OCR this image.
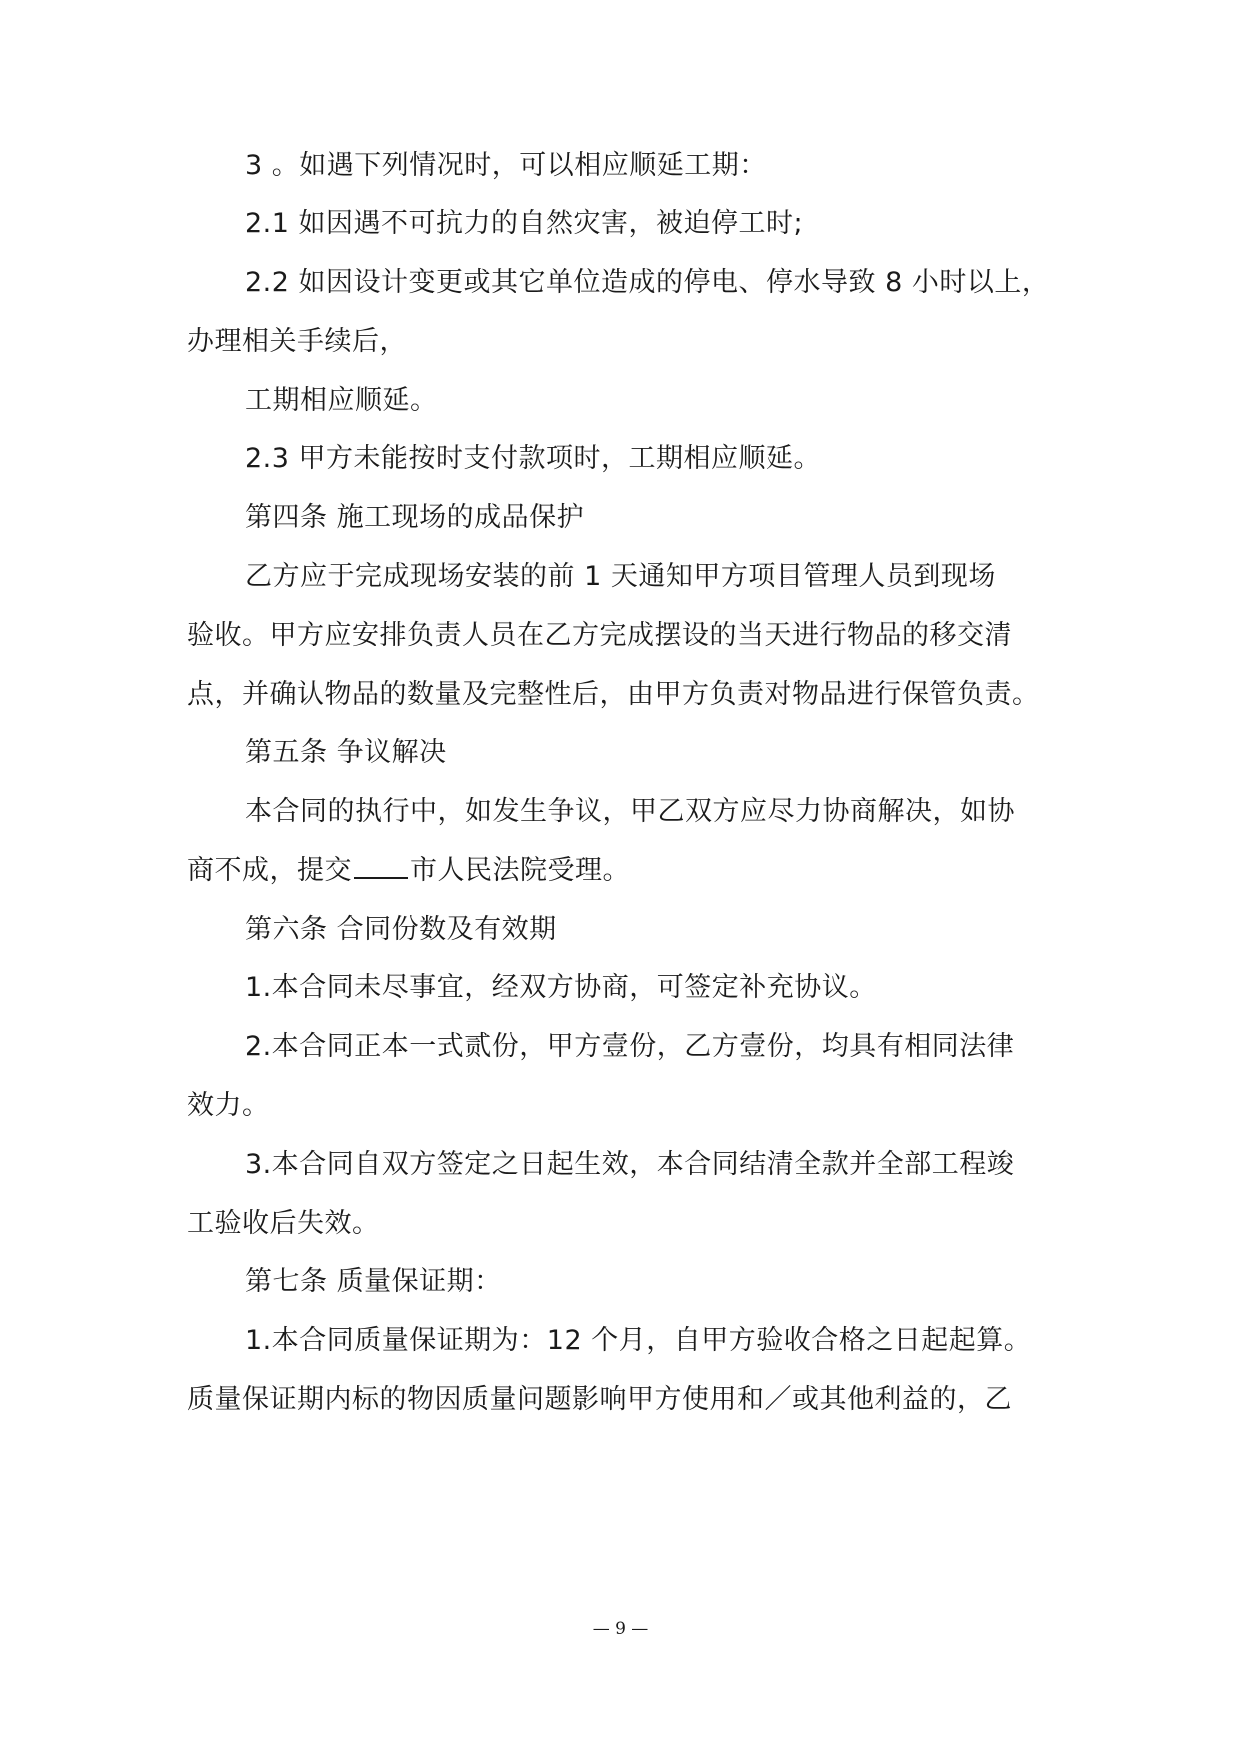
3 。如遇下列情况时，可以相应顺延工期：
2.1 如因遇不可抗力的自然灾害，被迫停工时;
2.2 如因设计变更或其它单位造成的停电、停水导致 8 小时以上，
办理相关手续后，
工期相应顺延。
2.3 甲方未能按时支付款项时，工期相应顺延。
第四条 施工现场的成品保护
乙方应于完成现场安装的前 1 天通知甲方项目管理人员到现场
验收。甲方应安排负责人员在乙方完成摆设的当天进行物品的移交清
点，并确认物品的数量及完整性后，由甲方负责对物品进行保管负责。
第五条 争议解决
本合同的执行中，如发生争议，甲乙双方应尽力协商解决，如协
商不成，提交 市人民法院受理。
第六条 合同份数及有效期
1.本合同未尽事宜，经双方协商，可签定补充协议。
2.本合同正本一式贰份，甲方壹份，乙方壹份，均具有相同法律
效力。
3.本合同自双方签定之日起生效，本合同结清全款并全部工程竣
工验收后失效。
第七条 质量保证期：
1.本合同质量保证期为：12 个月，自甲方验收合格之日起起算。
质量保证期内标的物因质量问题影响甲方使用和／或其他利益的，乙
— 9 —
